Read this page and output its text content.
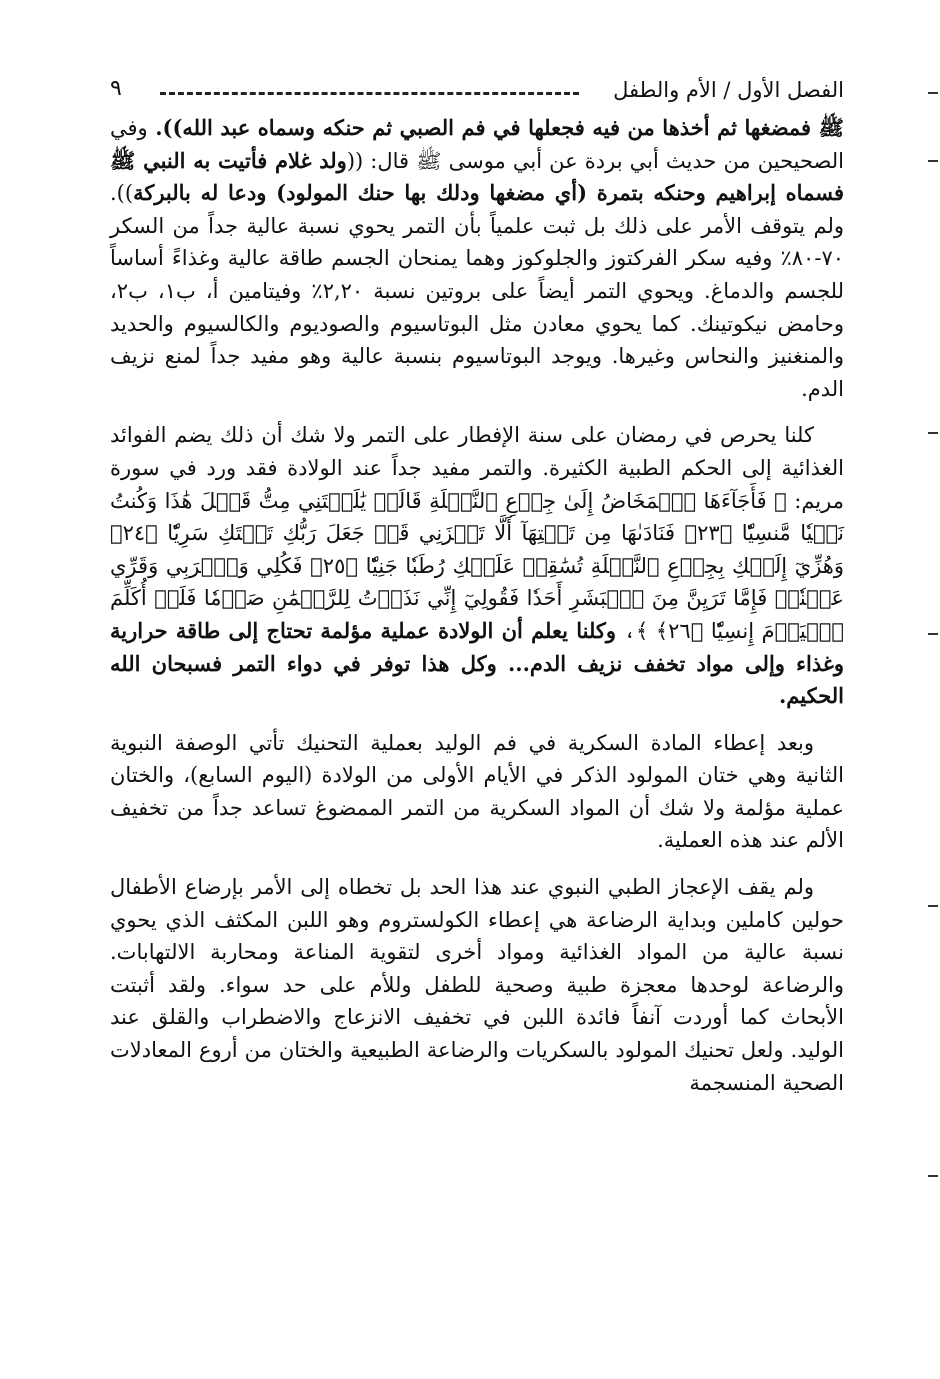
الفصل الأول / الأم والطفل
٩

ﷺ فمضغها ثم أخذها من فيه فجعلها في فم الصبي ثم حنكه وسماه عبد الله)). وفي الصحيحين من حديث أبي بردة عن أبي موسى ﷺ قال: ((ولد غلام فأتيت به النبي ﷺ فسماه إبراهيم وحنكه بتمرة (أي مضغها ودلك بها حنك المولود) ودعا له بالبركة)). ولم يتوقف الأمر على ذلك بل ثبت علمياً بأن التمر يحوي نسبة عالية جداً من السكر ٧٠-٨٠٪ وفيه سكر الفركتوز والجلوكوز وهما يمنحان الجسم طاقة عالية وغذاءً أساساً للجسم والدماغ. ويحوي التمر أيضاً على بروتين نسبة ٢,٢٠٪ وفيتامين أ، ب١، ب٢، وحامض نيكوتينك. كما يحوي معادن مثل البوتاسيوم والصوديوم والكالسيوم والحديد والمنغنيز والنحاس وغيرها. ويوجد البوتاسيوم بنسبة عالية وهو مفيد جداً لمنع نزيف الدم.

كلنا يحرص في رمضان على سنة الإفطار على التمر ولا شك أن ذلك يضم الفوائد الغذائية إلى الحكم الطبية الكثيرة. والتمر مفيد جداً عند الولادة فقد ورد في سورة مريم: ﴿ فَأَجَآءَهَا ٱلۡمَخَاضُ إِلَىٰ جِذۡعِ ٱلنَّخۡلَةِ قَالَتۡ يَٰلَيۡتَنِي مِتُّ قَبۡلَ هَٰذَا وَكُنتُ نَسۡيٗا مَّنسِيّٗا ﴿٢٣﴾ فَنَادَىٰهَا مِن تَحۡتِهَآ أَلَّا تَحۡزَنِي قَدۡ جَعَلَ رَبُّكِ تَحۡتَكِ سَرِيّٗا ﴿٢٤﴾ وَهُزِّيٓ إِلَيۡكِ بِجِذۡعِ ٱلنَّخۡلَةِ تُسَٰقِطۡ عَلَيۡكِ رُطَبٗا جَنِيّٗا ﴿٢٥﴾ فَكُلِي وَٱشۡرَبِي وَقَرِّي عَيۡنٗاۖ فَإِمَّا تَرَيِنَّ مِنَ ٱلۡبَشَرِ أَحَدٗا فَقُولِيٓ إِنِّي نَذَرۡتُ لِلرَّحۡمَٰنِ صَوۡمٗا فَلَنۡ أُكَلِّمَ ٱلۡيَوۡمَ إِنسِيّٗا ﴿٢٦﴾ ﴾، وكلنا يعلم أن الولادة عملية مؤلمة تحتاج إلى طاقة حرارية وغذاء وإلى مواد تخفف نزيف الدم... وكل هذا توفر في دواء التمر فسبحان الله الحكيم.

وبعد إعطاء المادة السكرية في فم الوليد بعملية التحنيك تأتي الوصفة النبوية الثانية وهي ختان المولود الذكر في الأيام الأولى من الولادة (اليوم السابع)، والختان عملية مؤلمة ولا شك أن المواد السكرية من التمر الممضوغ تساعد جداً من تخفيف الألم عند هذه العملية.

ولم يقف الإعجاز الطبي النبوي عند هذا الحد بل تخطاه إلى الأمر بإرضاع الأطفال حولين كاملين وبداية الرضاعة هي إعطاء الكولستروم وهو اللبن المكثف الذي يحوي نسبة عالية من المواد الغذائية ومواد أخرى لتقوية المناعة ومحاربة الالتهابات. والرضاعة لوحدها معجزة طبية وصحية للطفل وللأم على حد سواء. ولقد أثبتت الأبحاث كما أوردت آنفاً فائدة اللبن في تخفيف الانزعاج والاضطراب والقلق عند الوليد. ولعل تحنيك المولود بالسكريات والرضاعة الطبيعية والختان من أروع المعادلات الصحية المنسجمة
